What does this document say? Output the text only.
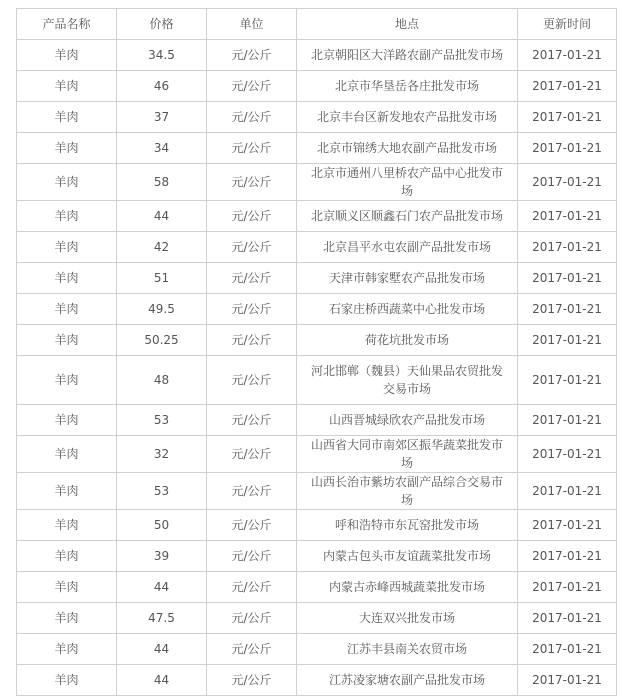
产品名称	价格	单位	地点	更新时间
羊肉	34.5	元/公斤	北京朝阳区大洋路农副产品批发市场	2017-01-21
羊肉	46	元/公斤	北京市华垦岳各庄批发市场	2017-01-21
羊肉	37	元/公斤	北京丰台区新发地农产品批发市场	2017-01-21
羊肉	34	元/公斤	北京市锦绣大地农副产品批发市场	2017-01-21
羊肉	58	元/公斤	北京市通州八里桥农产品中心批发市场	2017-01-21
羊肉	44	元/公斤	北京顺义区顺鑫石门农产品批发市场	2017-01-21
羊肉	42	元/公斤	北京昌平水屯农副产品批发市场	2017-01-21
羊肉	51	元/公斤	天津市韩家墅农产品批发市场	2017-01-21
羊肉	49.5	元/公斤	石家庄桥西蔬菜中心批发市场	2017-01-21
羊肉	50.25	元/公斤	荷花坑批发市场	2017-01-21
羊肉	48	元/公斤	河北邯郸（魏县）天仙果品农贸批发交易市场	2017-01-21
羊肉	53	元/公斤	山西晋城绿欣农产品批发市场	2017-01-21
羊肉	32	元/公斤	山西省大同市南郊区振华蔬菜批发市场	2017-01-21
羊肉	53	元/公斤	山西长治市紫坊农副产品综合交易市场	2017-01-21
羊肉	50	元/公斤	呼和浩特市东瓦窑批发市场	2017-01-21
羊肉	39	元/公斤	内蒙古包头市友谊蔬菜批发市场	2017-01-21
羊肉	44	元/公斤	内蒙古赤峰西城蔬菜批发市场	2017-01-21
羊肉	47.5	元/公斤	大连双兴批发市场	2017-01-21
羊肉	44	元/公斤	江苏丰县南关农贸市场	2017-01-21
羊肉	44	元/公斤	江苏凌家塘农副产品批发市场	2017-01-21
